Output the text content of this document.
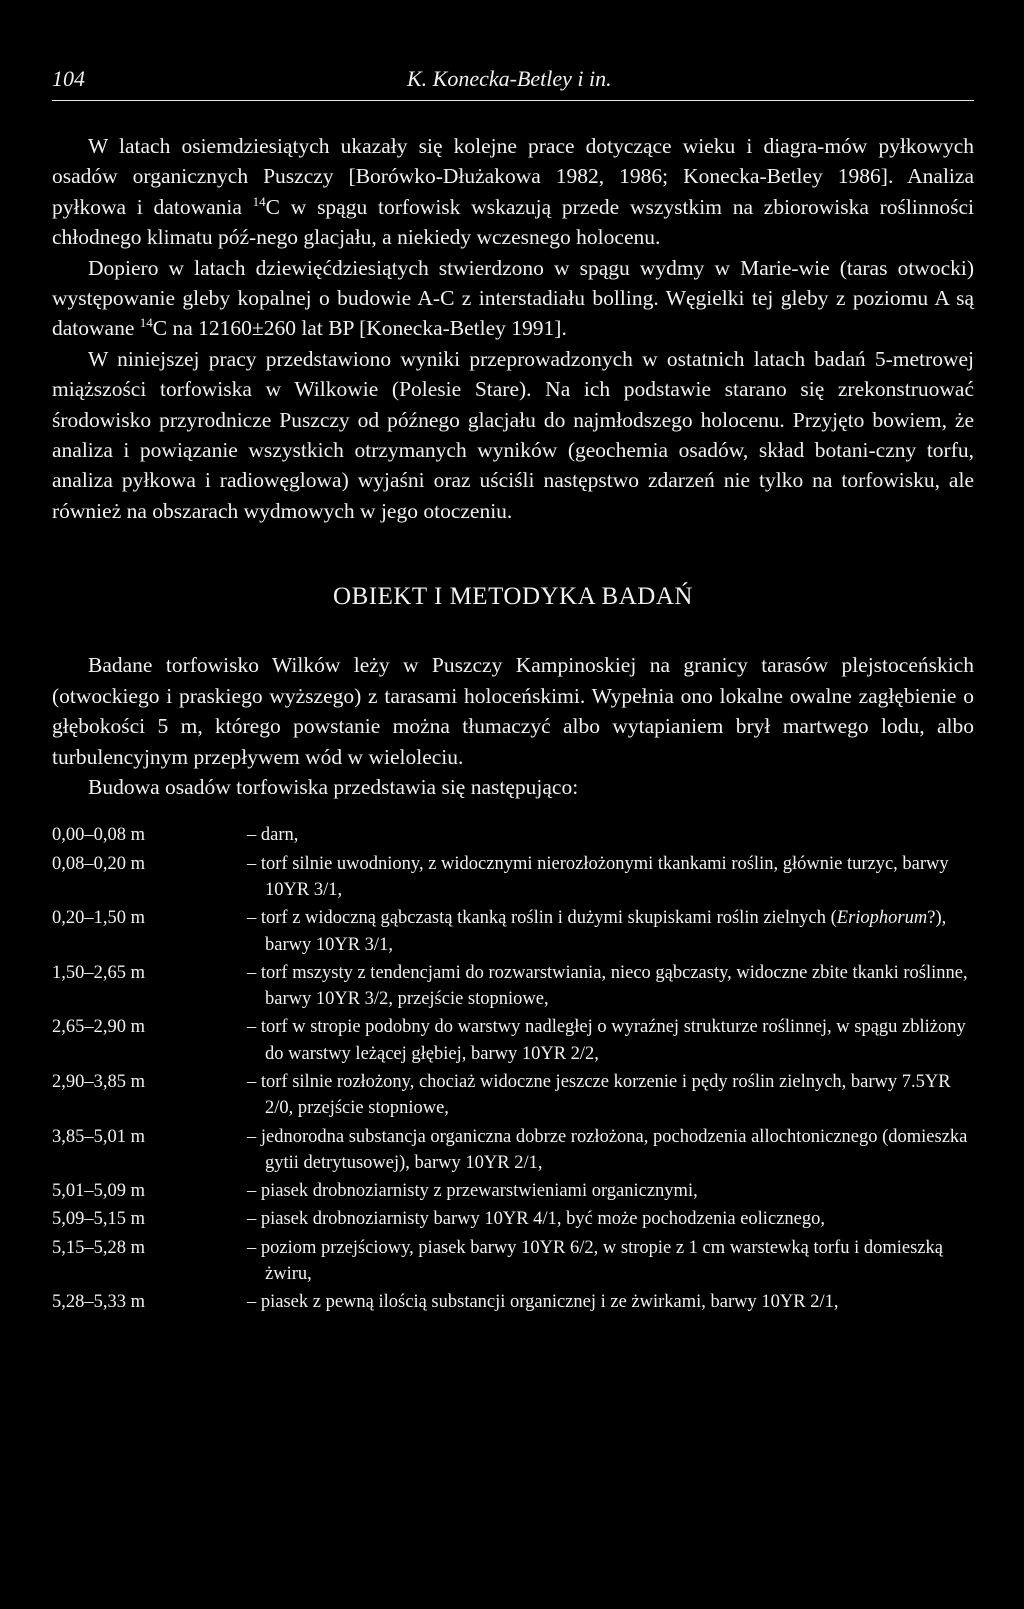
104	K. Konecka-Betley i in.

W latach osiemdziesiątych ukazały się kolejne prace dotyczące wieku i diagra-mów pyłkowych osadów organicznych Puszczy [Borówko-Dłużakowa 1982, 1986; Konecka-Betley 1986]. Analiza pyłkowa i datowania $^{14}$C w spągu torfowisk wskazują przede wszystkim na zbiorowiska roślinności chłodnego klimatu póź-nego glacjału, a niekiedy wczesnego holocenu.

Dopiero w latach dziewięćdziesiątych stwierdzono w spągu wydmy w Marie-wie (taras otwocki) występowanie gleby kopalnej o budowie A-C z interstadiału bolling. Węgielki tej gleby z poziomu A są datowane $^{14}$C na 12160±260 lat BP [Konecka-Betley 1991].

W niniejszej pracy przedstawiono wyniki przeprowadzonych w ostatnich latach badań 5-metrowej miąższości torfowiska w Wilkowie (Polesie Stare). Na ich podstawie starano się zrekonstruować środowisko przyrodnicze Puszczy od późnego glacjału do najmłodszego holocenu. Przyjęto bowiem, że analiza i powiązanie wszystkich otrzymanych wyników (geochemia osadów, skład botani-czny torfu, analiza pyłkowa i radiowęglowa) wyjaśni oraz uściśli następstwo zdarzeń nie tylko na torfowisku, ale również na obszarach wydmowych w jego otoczeniu.

OBIEKT I METODYKA BADAŃ

Badane torfowisko Wilków leży w Puszczy Kampinoskiej na granicy tarasów plejstoceńskich (otwockiego i praskiego wyższego) z tarasami holoceńskimi. Wypełnia ono lokalne owalne zagłębienie o głębokości 5 m, którego powstanie można tłumaczyć albo wytapianiem brył martwego lodu, albo turbulencyjnym przepływem wód w wieloleciu.

Budowa osadów torfowiska przedstawia się następująco:

0,00–0,08 m	– darn,
0,08–0,20 m	– torf silnie uwodniony, z widocznymi nierozłożonymi tkankami roślin, głównie turzyc, barwy 10YR 3/1,
0,20–1,50 m	– torf z widoczną gąbczastą tkanką roślin i dużymi skupiskami roślin zielnych (Eriophorum?), barwy 10YR 3/1,
1,50–2,65 m	– torf mszysty z tendencjami do rozwarstwiania, nieco gąbczasty, widoczne zbite tkanki roślinne, barwy 10YR 3/2, przejście stopniowe,
2,65–2,90 m	– torf w stropie podobny do warstwy nadległej o wyraźnej strukturze roślinnej, w spągu zbliżony do warstwy leżącej głębiej, barwy 10YR 2/2,
2,90–3,85 m	– torf silnie rozłożony, chociaż widoczne jeszcze korzenie i pędy roślin zielnych, barwy 7.5YR 2/0, przejście stopniowe,
3,85–5,01 m	– jednorodna substancja organiczna dobrze rozłożona, pochodzenia allochtonicznego (domieszka gytii detrytusowej), barwy 10YR 2/1,
5,01–5,09 m	– piasek drobnoziarnisty z przewarstwieniami organicznymi,
5,09–5,15 m	– piasek drobnoziarnisty barwy 10YR 4/1, być może pochodzenia eolicznego,
5,15–5,28 m	– poziom przejściowy, piasek barwy 10YR 6/2, w stropie z 1 cm warstewką torfu i domieszką żwiru,
5,28–5,33 m	– piasek z pewną ilością substancji organicznej i ze żwirkami, barwy 10YR 2/1,
